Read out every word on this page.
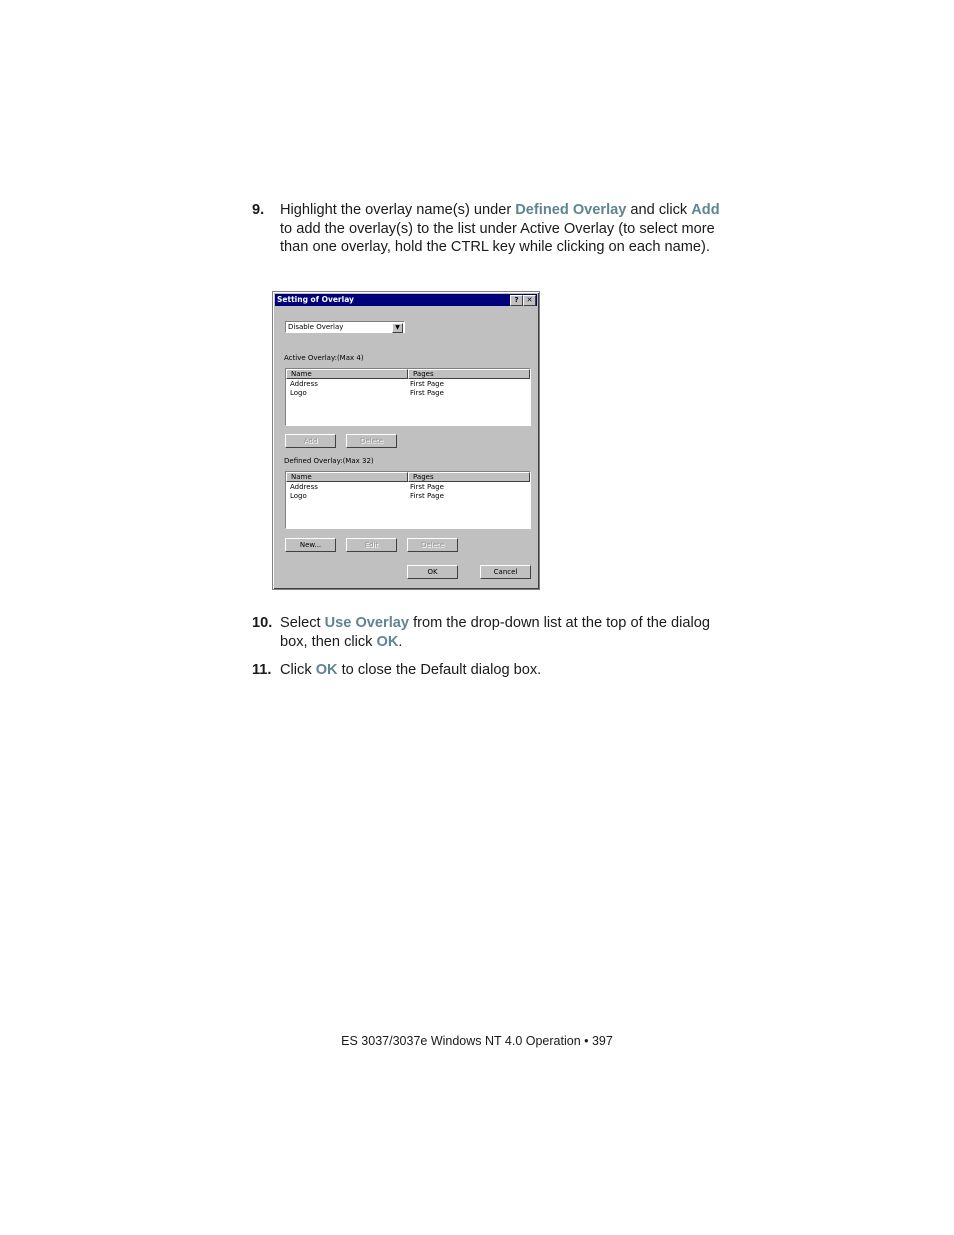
9. Highlight the overlay name(s) under Defined Overlay and click Add to add the overlay(s) to the list under Active Overlay (to select more than one overlay, hold the CTRL key while clicking on each name).
Setting of Overlay	?	✕
Disable Overlay	▼
Active Overlay:(Max 4)
Name	Pages
Address	First Page
Logo	First Page
Add	Delete
Defined Overlay:(Max 32)
Name	Pages
Address	First Page
Logo	First Page
New...	Edit	Delete
OK	Cancel
10. Select Use Overlay from the drop-down list at the top of the dialog box, then click OK.
11. Click OK to close the Default dialog box.
ES 3037/3037e Windows NT 4.0 Operation • 397
